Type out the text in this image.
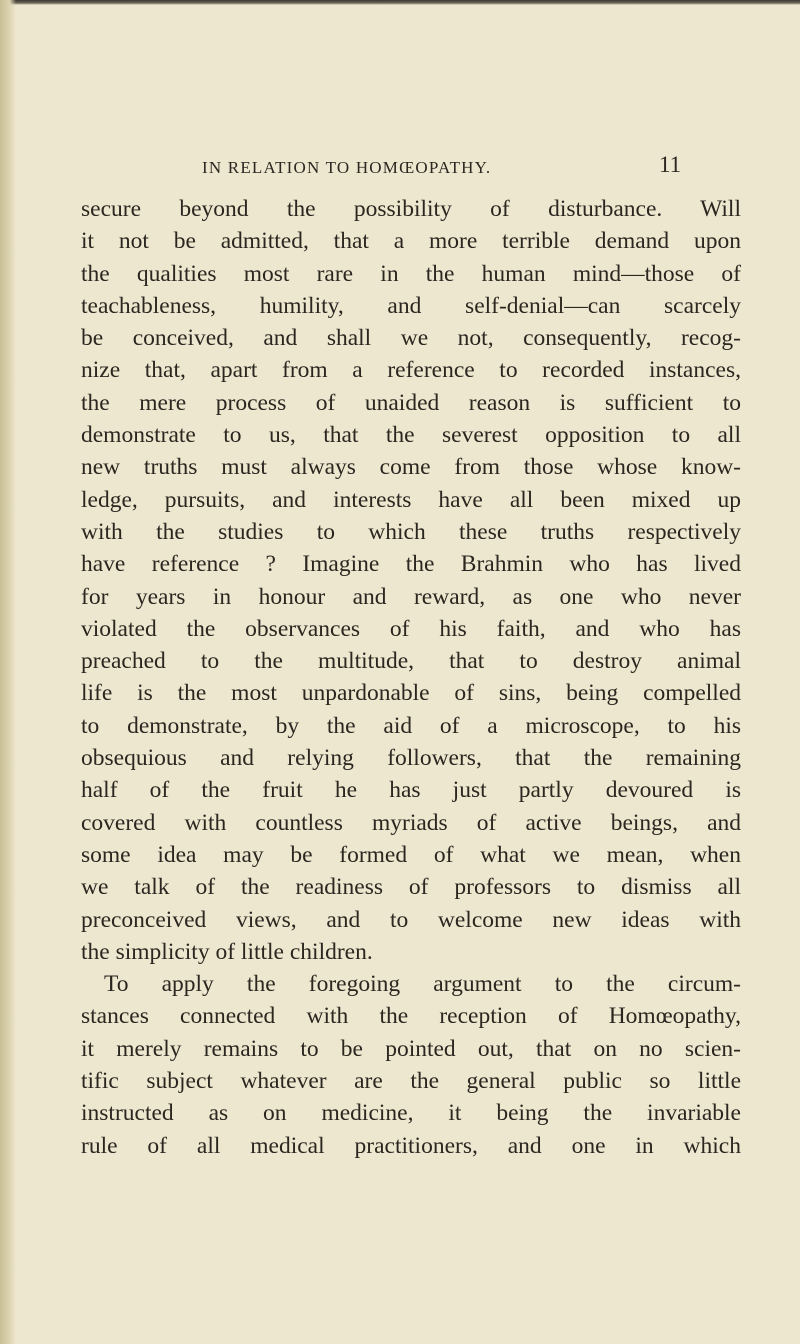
IN RELATION TO HOMŒOPATHY.	11
secure beyond the possibility of disturbance. Will
it not be admitted, that a more terrible demand upon
the qualities most rare in the human mind—those of
teachableness, humility, and self-denial—can scarcely
be conceived, and shall we not, consequently, recog-
nize that, apart from a reference to recorded instances,
the mere process of unaided reason is sufficient to
demonstrate to us, that the severest opposition to all
new truths must always come from those whose know-
ledge, pursuits, and interests have all been mixed up
with the studies to which these truths respectively
have reference ? Imagine the Brahmin who has lived
for years in honour and reward, as one who never
violated the observances of his faith, and who has
preached to the multitude, that to destroy animal
life is the most unpardonable of sins, being compelled
to demonstrate, by the aid of a microscope, to his
obsequious and relying followers, that the remaining
half of the fruit he has just partly devoured is
covered with countless myriads of active beings, and
some idea may be formed of what we mean, when
we talk of the readiness of professors to dismiss all
preconceived views, and to welcome new ideas with
the simplicity of little children.
To apply the foregoing argument to the circum-
stances connected with the reception of Homœopathy,
it merely remains to be pointed out, that on no scien-
tific subject whatever are the general public so little
instructed as on medicine, it being the invariable
rule of all medical practitioners, and one in which
